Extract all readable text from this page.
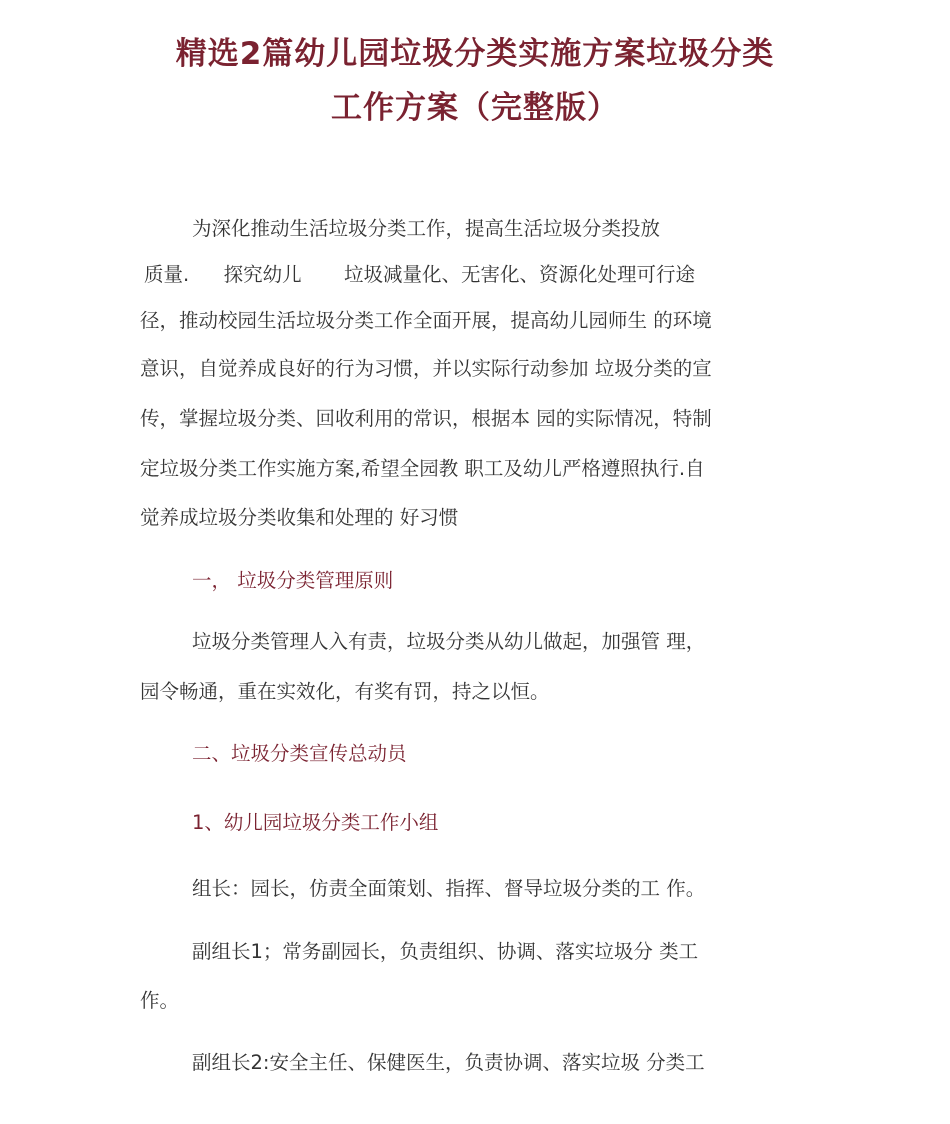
精选2篇幼儿园垃圾分类实施方案垃圾分类
工作方案（完整版）
为深化推动生活垃圾分类工作，提高生活垃圾分类投放
质量. 探究幼儿 垃圾减量化、无害化、资源化处理可行途
径，推动校园生活垃圾分类工作全面开展，提高幼儿园师生 的环境
意识，自觉养成良好的行为习惯，并以实际行动参加 垃圾分类的宣
传，掌握垃圾分类、回收利用的常识，根据本 园的实际情况，特制
定垃圾分类工作实施方案,希望全园教 职工及幼儿严格遵照执行.自
觉养成垃圾分类收集和处理的 好习惯
一， 垃圾分类管理原则
垃圾分类管理人入有责，垃圾分类从幼儿做起，加强管 理，
园令畅通，重在实效化，有奖有罚，持之以恒。
二、垃圾分类宣传总动员
1、幼儿园垃圾分类工作小组
组长：园长，仿责全面策划、指挥、督导垃圾分类的工 作。
副组长1；常务副园长，负责组织、协调、落实垃圾分 类工
作。
副组长2:安全主任、保健医生，负责协调、落实垃圾 分类工
